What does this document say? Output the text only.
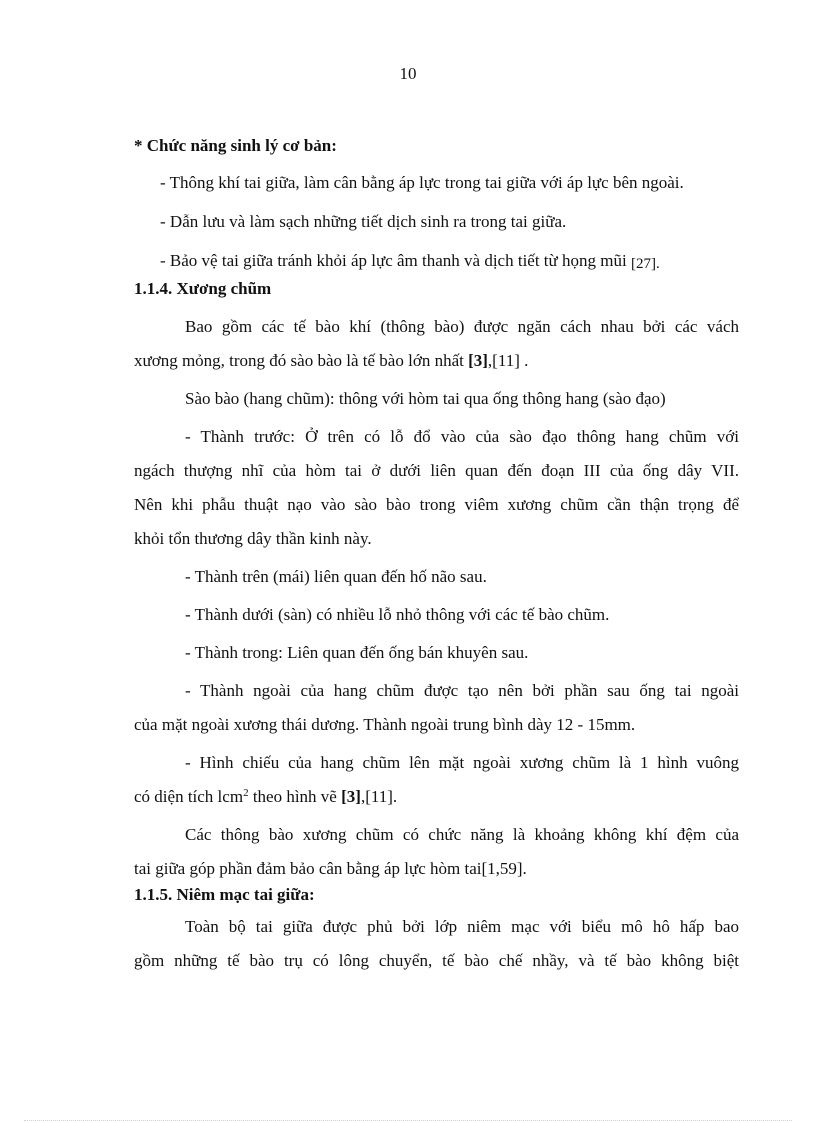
10

* Chức năng sinh lý cơ bản:

- Thông khí tai giữa, làm cân bằng áp lực trong tai giữa với áp lực bên ngoài.

- Dẫn lưu và làm sạch những tiết dịch sinh ra trong tai giữa.

- Bảo vệ tai giữa tránh khỏi áp lực âm thanh và dịch tiết từ họng mũi [27].

1.1.4. Xương chũm

Bao gồm các tế bào khí (thông bào) được ngăn cách nhau bởi các vách

xương mỏng, trong đó sào bào là tế bào lớn nhất [3],[11] .

Sào bào (hang chũm): thông với hòm tai qua ống thông hang (sào đạo)

- Thành trước: Ở trên có lỗ đổ vào của sào đạo thông hang chũm với

ngách thượng nhĩ của hòm tai ở dưới liên quan đến đoạn III của ống dây VII.

Nên khi phẫu thuật nạo vào sào bào trong viêm xương chũm cần thận trọng để

khỏi tổn thương dây thần kinh này.

- Thành trên (mái) liên quan đến hố não sau.

- Thành dưới (sàn) có nhiều lỗ nhỏ thông với các tế bào chũm.

- Thành trong: Liên quan đến ống bán khuyên sau.

- Thành ngoài của hang chũm được tạo nên bởi phần sau ống tai ngoài

của mặt ngoài xương thái dương. Thành ngoài trung bình dày 12 - 15mm.

- Hình chiếu của hang chũm lên mặt ngoài xương chũm là 1 hình vuông

có diện tích lcm$^2$ theo hình vẽ [3],[11].

Các thông bào xương chũm có chức năng là khoảng không khí đệm của

tai giữa góp phần đảm bảo cân bằng áp lực hòm tai[1,59].

1.1.5. Niêm mạc tai giữa:

Toàn bộ tai giữa được phủ bởi lớp niêm mạc với biểu mô hô hấp bao

gồm những tế bào trụ có lông chuyển, tế bào chế nhầy, và tế bào không biệt
